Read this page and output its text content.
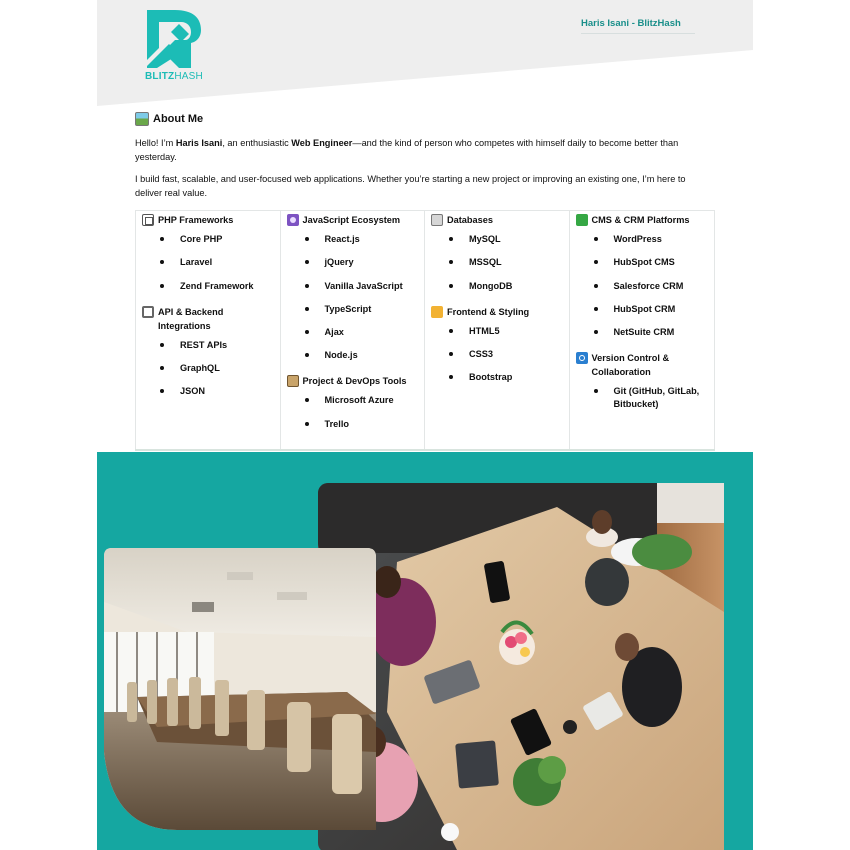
BLITZHASH
Haris Isani - BlitzHash
About Me

Hello! I’m Haris Isani, an enthusiastic Web Engineer—and the kind of person who competes with himself daily to become better than yesterday.

I build fast, scalable, and user-focused web applications. Whether you’re starting a new project or improving an existing one, I’m here to deliver real value.

PHP Frameworks
Core PHP
Laravel
Zend Framework
API & Backend Integrations
REST APIs
GraphQL
JSON
JavaScript Ecosystem
React.js
jQuery
Vanilla JavaScript
TypeScript
Ajax
Node.js
Project & DevOps Tools
Microsoft Azure
Trello
Databases
MySQL
MSSQL
MongoDB
Frontend & Styling
HTML5
CSS3
Bootstrap
CMS & CRM Platforms
WordPress
HubSpot CMS
Salesforce CRM
HubSpot CRM
NetSuite CRM
Version Control & Collaboration
Git (GitHub, GitLab, Bitbucket)
